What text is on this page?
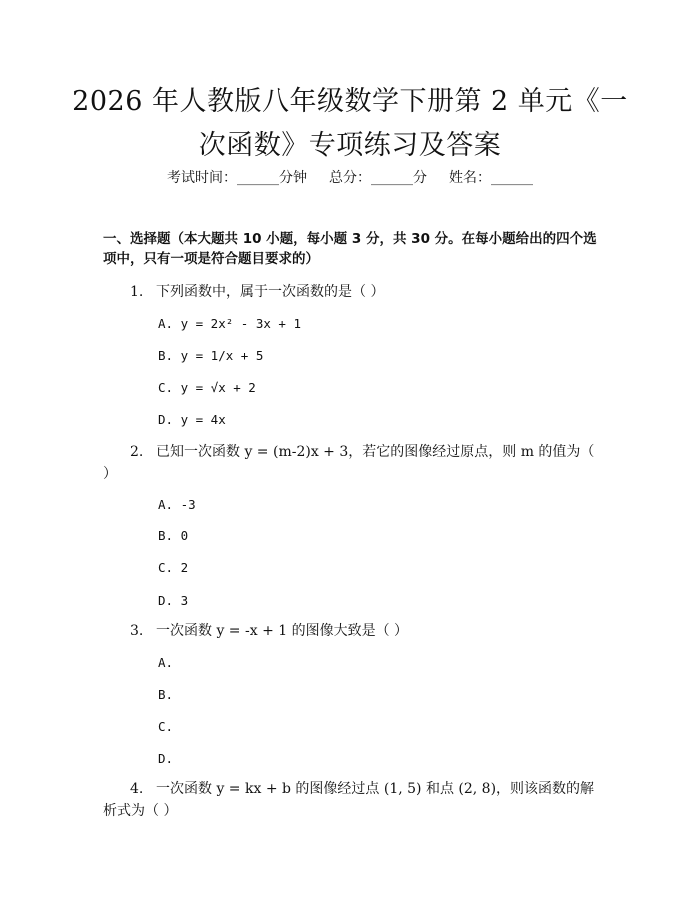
2026 年人教版八年级数学下册第 2 单元《一
次函数》专项练习及答案
考试时间：______分钟 总分：______分 姓名：______
一、选择题（本大题共 10 小题，每小题 3 分，共 30 分。在每小题给出的四个选项中，只有一项是符合题目要求的）
1. 下列函数中，属于一次函数的是（ ）
A. y = 2x² - 3x + 1
B. y = 1/x + 5
C. y = √x + 2
D. y = 4x
2. 已知一次函数 y = (m-2)x + 3，若它的图像经过原点，则 m 的值为（ ）
A. -3
B. 0
C. 2
D. 3
3. 一次函数 y = -x + 1 的图像大致是（ ）
A.
B.
C.
D.
4. 一次函数 y = kx + b 的图像经过点 (1, 5) 和点 (2, 8)，则该函数的解析式为（ ）
